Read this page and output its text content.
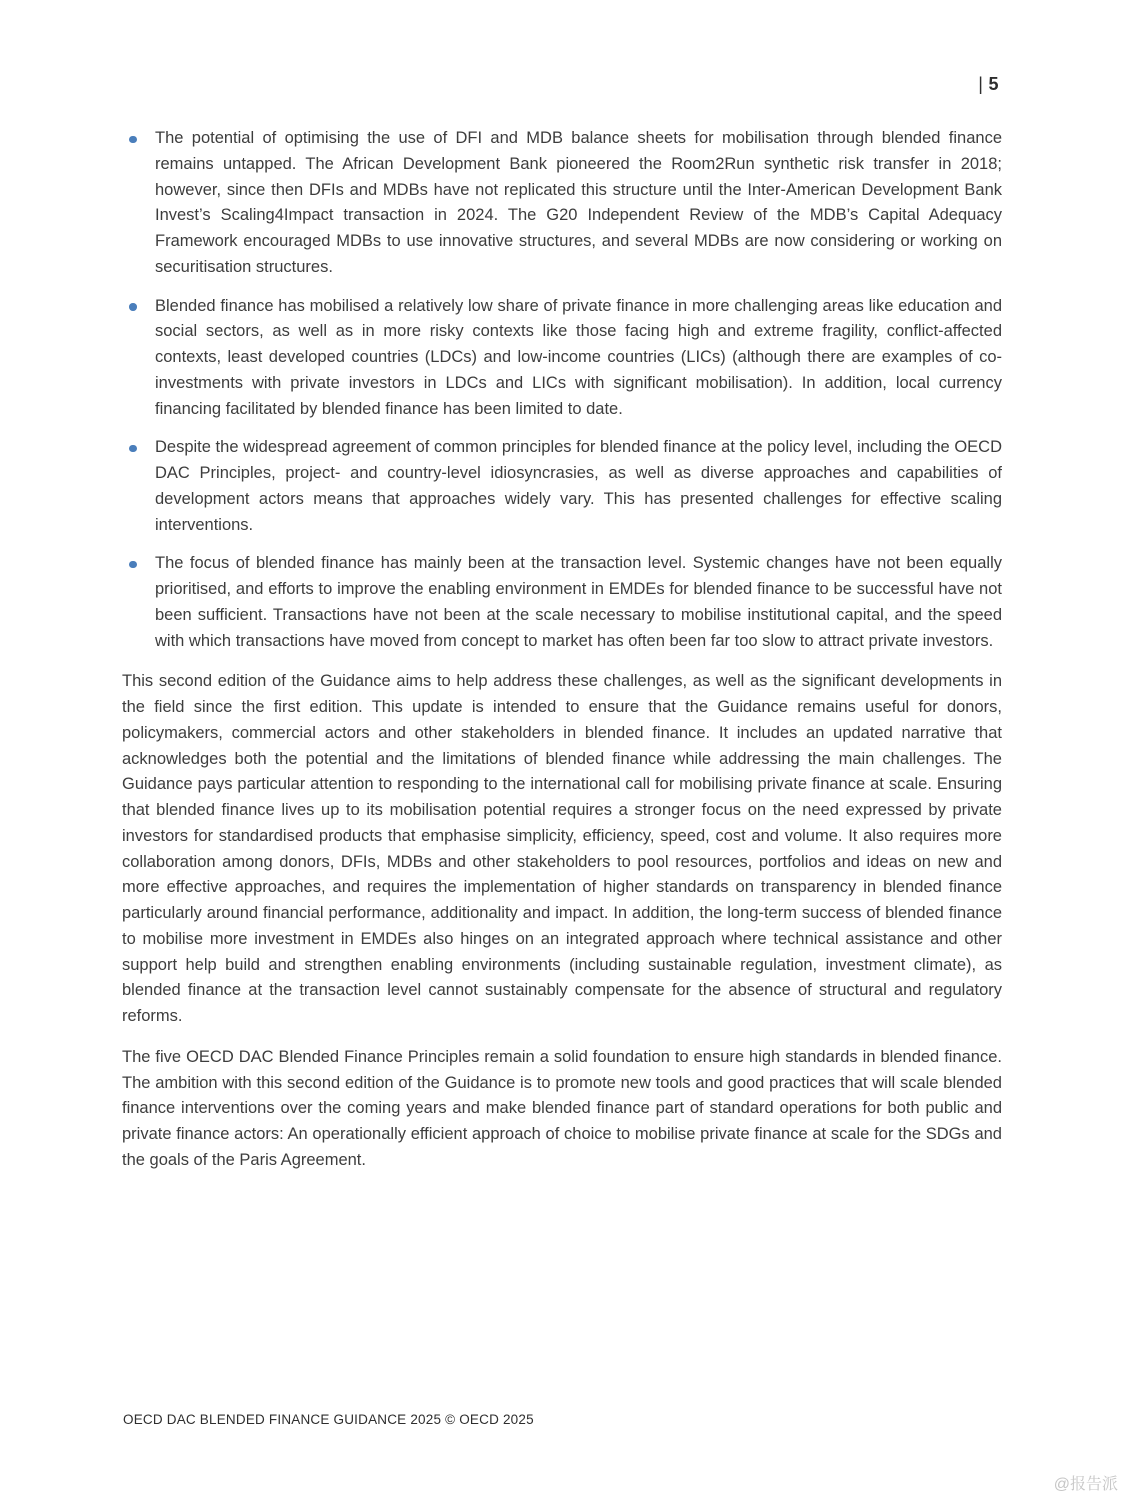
| 5
The potential of optimising the use of DFI and MDB balance sheets for mobilisation through blended finance remains untapped. The African Development Bank pioneered the Room2Run synthetic risk transfer in 2018; however, since then DFIs and MDBs have not replicated this structure until the Inter-American Development Bank Invest’s Scaling4Impact transaction in 2024. The G20 Independent Review of the MDB’s Capital Adequacy Framework encouraged MDBs to use innovative structures, and several MDBs are now considering or working on securitisation structures.
Blended finance has mobilised a relatively low share of private finance in more challenging areas like education and social sectors, as well as in more risky contexts like those facing high and extreme fragility, conflict-affected contexts, least developed countries (LDCs) and low-income countries (LICs) (although there are examples of co-investments with private investors in LDCs and LICs with significant mobilisation). In addition, local currency financing facilitated by blended finance has been limited to date.
Despite the widespread agreement of common principles for blended finance at the policy level, including the OECD DAC Principles, project- and country-level idiosyncrasies, as well as diverse approaches and capabilities of development actors means that approaches widely vary. This has presented challenges for effective scaling interventions.
The focus of blended finance has mainly been at the transaction level. Systemic changes have not been equally prioritised, and efforts to improve the enabling environment in EMDEs for blended finance to be successful have not been sufficient. Transactions have not been at the scale necessary to mobilise institutional capital, and the speed with which transactions have moved from concept to market has often been far too slow to attract private investors.

This second edition of the Guidance aims to help address these challenges, as well as the significant developments in the field since the first edition. This update is intended to ensure that the Guidance remains useful for donors, policymakers, commercial actors and other stakeholders in blended finance. It includes an updated narrative that acknowledges both the potential and the limitations of blended finance while addressing the main challenges. The Guidance pays particular attention to responding to the international call for mobilising private finance at scale. Ensuring that blended finance lives up to its mobilisation potential requires a stronger focus on the need expressed by private investors for standardised products that emphasise simplicity, efficiency, speed, cost and volume. It also requires more collaboration among donors, DFIs, MDBs and other stakeholders to pool resources, portfolios and ideas on new and more effective approaches, and requires the implementation of higher standards on transparency in blended finance particularly around financial performance, additionality and impact. In addition, the long-term success of blended finance to mobilise more investment in EMDEs also hinges on an integrated approach where technical assistance and other support help build and strengthen enabling environments (including sustainable regulation, investment climate), as blended finance at the transaction level cannot sustainably compensate for the absence of structural and regulatory reforms.

The five OECD DAC Blended Finance Principles remain a solid foundation to ensure high standards in blended finance. The ambition with this second edition of the Guidance is to promote new tools and good practices that will scale blended finance interventions over the coming years and make blended finance part of standard operations for both public and private finance actors: An operationally efficient approach of choice to mobilise private finance at scale for the SDGs and the goals of the Paris Agreement.

OECD DAC BLENDED FINANCE GUIDANCE 2025 © OECD 2025
@报告派
